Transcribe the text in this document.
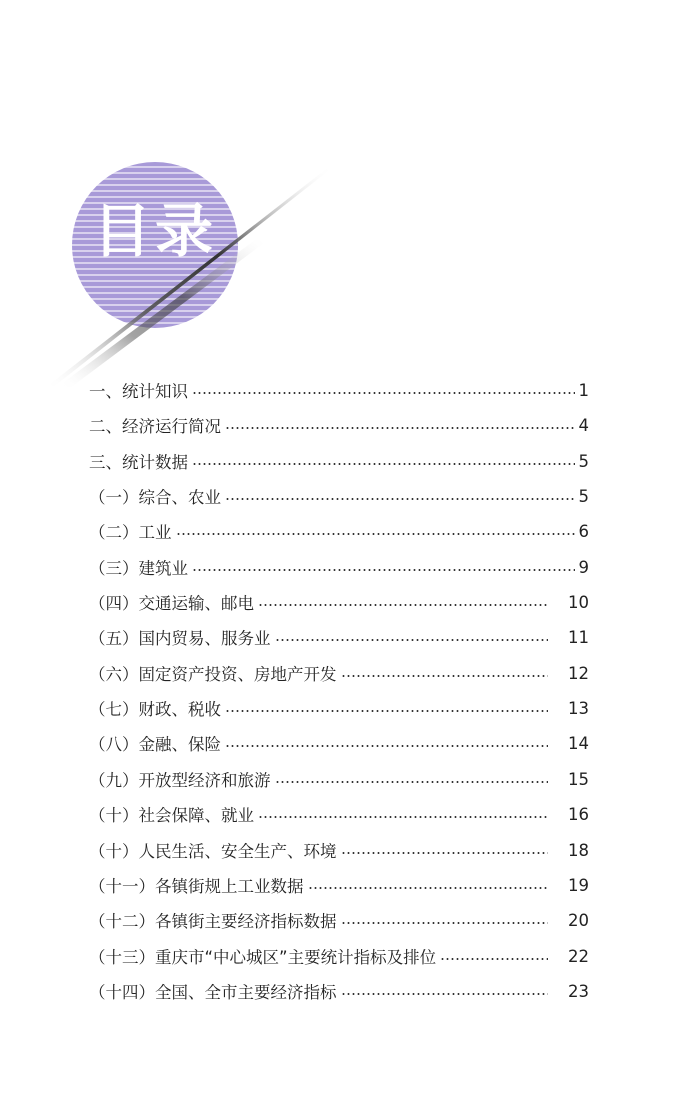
目录
一、统计知识	1
二、经济运行简况	4
三、统计数据	5
（一）综合、农业	5
（二）工业	6
（三）建筑业	9
（四）交通运输、邮电	10
（五）国内贸易、服务业	11
（六）固定资产投资、房地产开发	12
（七）财政、税收	13
（八）金融、保险	14
（九）开放型经济和旅游	15
（十）社会保障、就业	16
（十）人民生活、安全生产、环境	18
（十一）各镇街规上工业数据	19
（十二）各镇街主要经济指标数据	20
（十三）重庆市“中心城区”主要统计指标及排位	22
（十四）全国、全市主要经济指标	23
